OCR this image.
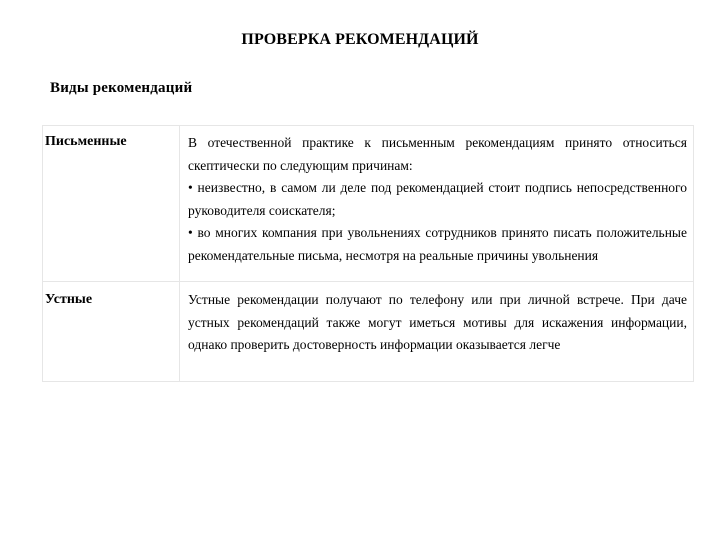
ПРОВЕРКА РЕКОМЕНДАЦИЙ
Виды рекомендаций
Письменные	В отечественной практике к письменным рекомендациям принято относиться скептически по следующим причинам:
• неизвестно, в самом ли деле под рекомендацией стоит подпись непосредственного руководителя соискателя;
• во многих компания при увольнениях сотрудников принято писать положительные рекомендательные письма, несмотря на реальные причины увольнения

Устные	Устные рекомендации получают по телефону или при личной встрече. При даче устных рекомендаций также могут иметься мотивы для искажения информации, однако проверить достоверность информации оказывается легче
